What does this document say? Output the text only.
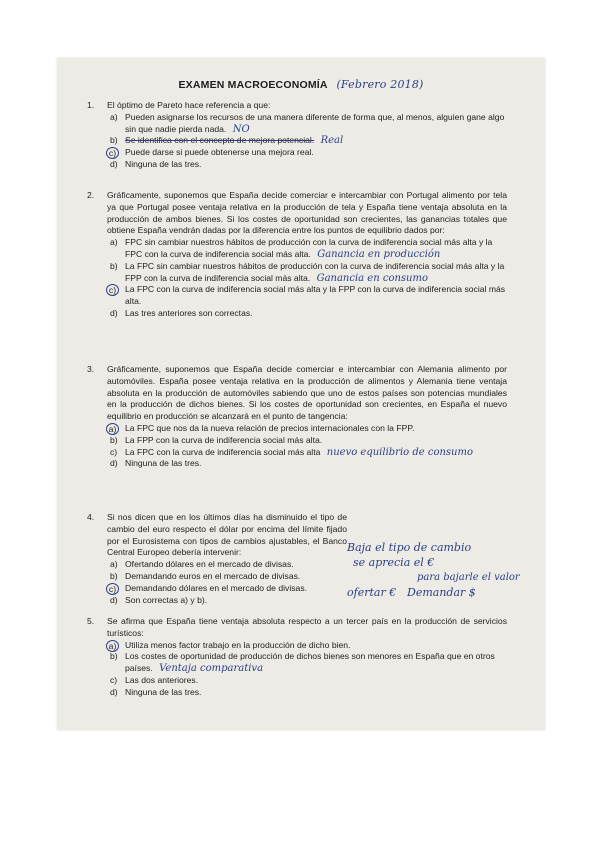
EXAMEN MACROECONOMÍA (Febrero 2018)
1. El óptimo de Pareto hace referencia a que:
a) Pueden asignarse los recursos de una manera diferente de forma que, al menos, alguien gane algo sin que nadie pierda nada. NO
b) Se identifica con el concepto de mejora potencial. Real
c)	Puede darse si puede obtenerse una mejora real.
d) Ninguna de las tres.
2. Gráficamente, suponemos que España decide comerciar e intercambiar con Portugal alimento por tela ya que Portugal posee ventaja relativa en la producción de tela y España tiene ventaja absoluta en la producción de ambos bienes. Si los costes de oportunidad son crecientes, las ganancias totales que obtiene España vendrán dadas por la diferencia entre los puntos de equilibrio dados por:
a) FPC sin cambiar nuestros hábitos de producción con la curva de indiferencia social más alta y la FPC con la curva de indiferencia social más alta. Ganancia en producción
b) La FPC sin cambiar nuestros hábitos de producción con la curva de indiferencia social más alta y la FPP con la curva de indiferencia social más alta. Ganancia en consumo
c)	La FPC con la curva de indiferencia social más alta y la FPP con la curva de indiferencia social más alta.
d) Las tres anteriores son correctas.
3. Gráficamente, suponemos que España decide comerciar e intercambiar con Alemania alimento por automóviles. España posee ventaja relativa en la producción de alimentos y Alemania tiene ventaja absoluta en la producción de automóviles sabiendo que uno de estos países son potencias mundiales en la producción de dichos bienes. Si los costes de oportunidad son crecientes, en España el nuevo equilibrio en producción se alcanzará en el punto de tangencia:
a)	La FPC que nos da la nueva relación de precios internacionales con la FPP.
b) La FPP con la curva de indiferencia social más alta.
c) La FPC con la curva de indiferencia social más alta nuevo equilibrio de consumo
d) Ninguna de las tres.
4. Si nos dicen que en los últimos días ha disminuido el tipo de cambio del euro respecto el dólar por encima del límite fijado por el Eurosistema con tipos de cambios ajustables, el Banco Central Europeo debería intervenir:
a) Ofertando dólares en el mercado de divisas.
b) Demandando euros en el mercado de divisas.
c)	Demandando dólares en el mercado de divisas.
d) Son correctas a) y b).
Baja el tipo de cambio
se aprecia el €
para bajarle el valor
ofertar € Demandar $
5. Se afirma que España tiene ventaja absoluta respecto a un tercer país en la producción de servicios turísticos:
a)	Utiliza menos factor trabajo en la producción de dicho bien.
b) Los costes de oportunidad de producción de dichos bienes son menores en España que en otros países. Ventaja comparativa
c) Las dos anteriores.
d) Ninguna de las tres.
